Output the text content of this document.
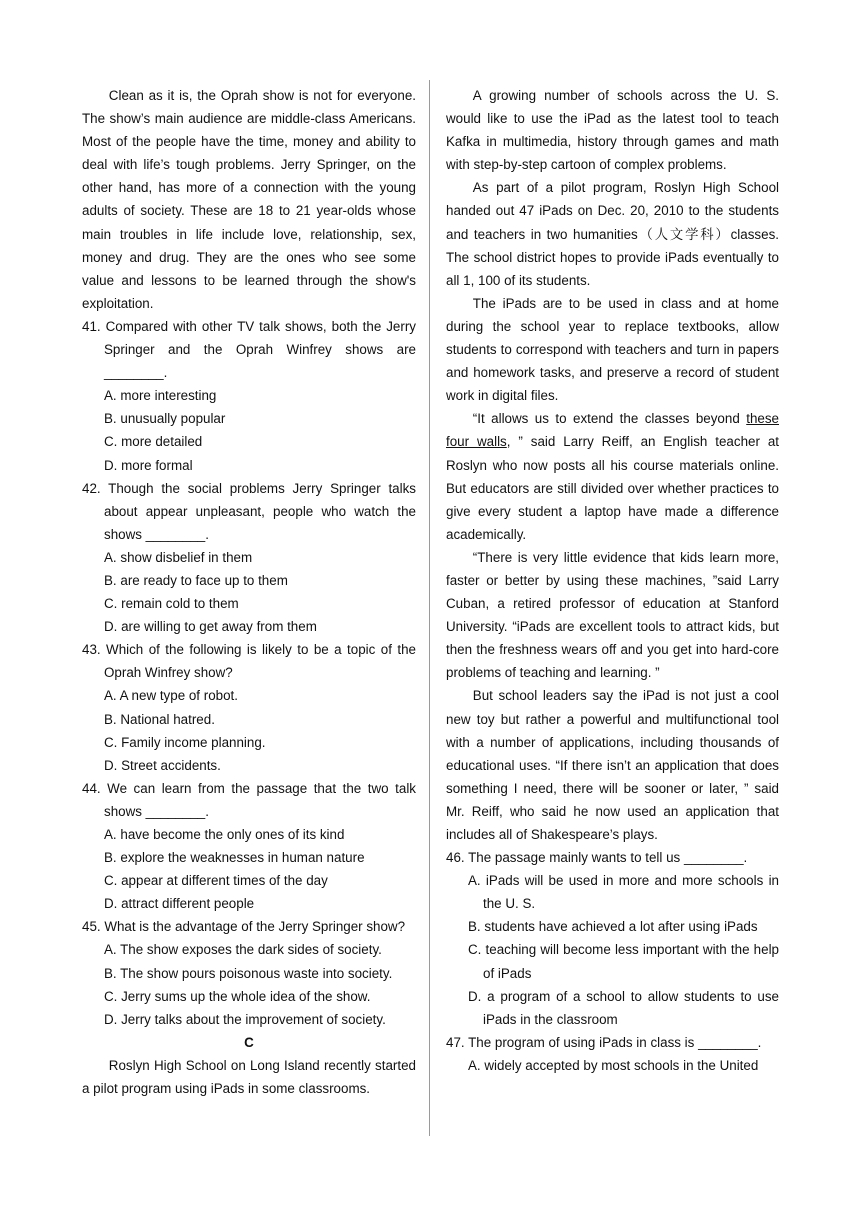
Clean as it is, the Oprah show is not for everyone. The show’s main audience are middle-class Americans. Most of the people have the time, money and ability to deal with life’s tough problems. Jerry Springer, on the other hand, has more of a connection with the young adults of society. These are 18 to 21 year-olds whose main troubles in life include love, relationship, sex, money and drug. They are the ones who see some value and lessons to be learned through the show's exploitation.

41. Compared with other TV talk shows, both the Jerry Springer and the Oprah Winfrey shows are ________.

A. more interesting

B. unusually popular

C. more detailed

D. more formal

42. Though the social problems Jerry Springer talks about appear unpleasant, people who watch the shows ________.

A. show disbelief in them

B. are ready to face up to them

C. remain cold to them

D. are willing to get away from them

43. Which of the following is likely to be a topic of the Oprah Winfrey show?

A. A new type of robot.

B. National hatred.

C. Family income planning.

D. Street accidents.

44. We can learn from the passage that the two talk shows ________.

A. have become the only ones of its kind

B. explore the weaknesses in human nature

C. appear at different times of the day

D. attract different people

45. What is the advantage of the Jerry Springer show?

A. The show exposes the dark sides of society.

B. The show pours poisonous waste into society.

C. Jerry sums up the whole idea of the show.

D. Jerry talks about the improvement of society.

C

Roslyn High School on Long Island recently started a pilot program using iPads in some classrooms.

A growing number of schools across the U. S. would like to use the iPad as the latest tool to teach Kafka in multimedia, history through games and math with step-by-step cartoon of complex problems.

As part of a pilot program, Roslyn High School handed out 47 iPads on Dec. 20, 2010 to the students and teachers in two humanities（人文学科）classes. The school district hopes to provide iPads eventually to all 1, 100 of its students.

The iPads are to be used in class and at home during the school year to replace textbooks, allow students to correspond with teachers and turn in papers and homework tasks, and preserve a record of student work in digital files.

“It allows us to extend the classes beyond these four walls, ” said Larry Reiff, an English teacher at Roslyn who now posts all his course materials online. But educators are still divided over whether practices to give every student a laptop have made a difference academically.

“There is very little evidence that kids learn more, faster or better by using these machines, ”said Larry Cuban, a retired professor of education at Stanford University. “iPads are excellent tools to attract kids, but then the freshness wears off and you get into hard-core problems of teaching and learning. ”

But school leaders say the iPad is not just a cool new toy but rather a powerful and multifunctional tool with a number of applications, including thousands of educational uses. “If there isn’t an application that does something I need, there will be sooner or later, ” said Mr. Reiff, who said he now used an application that includes all of Shakespeare’s plays.

46. The passage mainly wants to tell us ________.

A. iPads will be used in more and more schools in the U. S.

B. students have achieved a lot after using iPads

C. teaching will become less important with the help of iPads

D. a program of a school to allow students to use iPads in the classroom

47. The program of using iPads in class is ________.

A. widely accepted by most schools in the United
